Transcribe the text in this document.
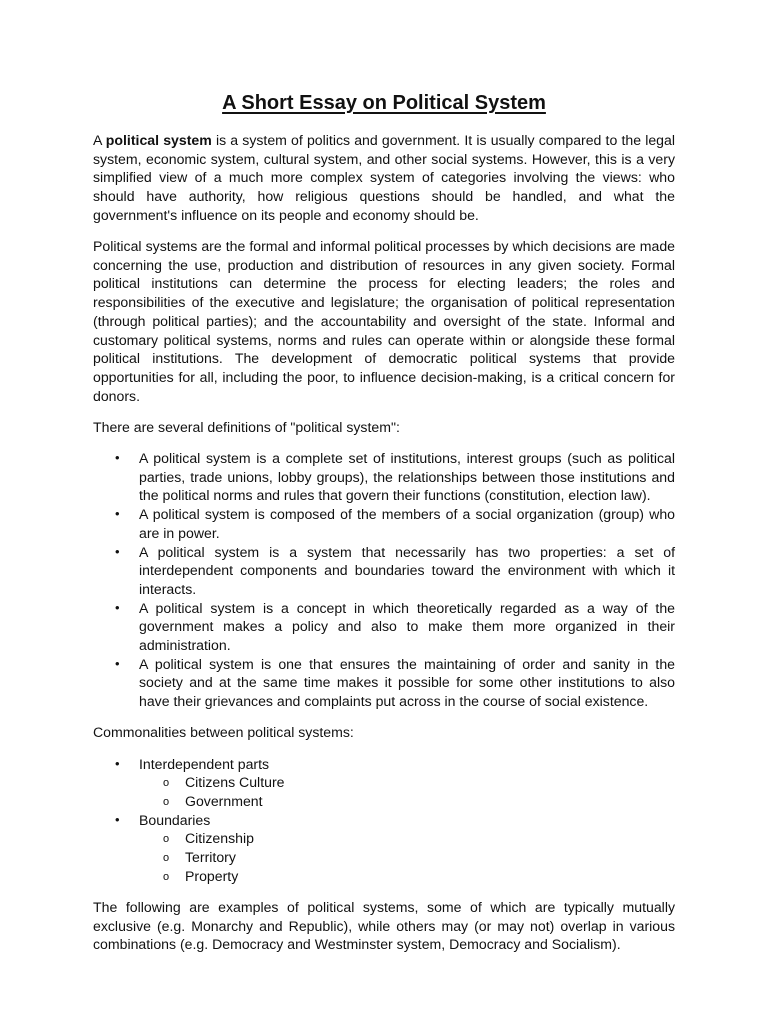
A Short Essay on Political System

A political system is a system of politics and government. It is usually compared to the legal system, economic system, cultural system, and other social systems. However, this is a very simplified view of a much more complex system of categories involving the views: who should have authority, how religious questions should be handled, and what the government's influence on its people and economy should be.

Political systems are the formal and informal political processes by which decisions are made concerning the use, production and distribution of resources in any given society. Formal political institutions can determine the process for electing leaders; the roles and responsibilities of the executive and legislature; the organisation of political representation (through political parties); and the accountability and oversight of the state. Informal and customary political systems, norms and rules can operate within or alongside these formal political institutions. The development of democratic political systems that provide opportunities for all, including the poor, to influence decision-making, is a critical concern for donors.

There are several definitions of "political system":

• A political system is a complete set of institutions, interest groups (such as political parties, trade unions, lobby groups), the relationships between those institutions and the political norms and rules that govern their functions (constitution, election law).
• A political system is composed of the members of a social organization (group) who are in power.
• A political system is a system that necessarily has two properties: a set of interdependent components and boundaries toward the environment with which it interacts.
• A political system is a concept in which theoretically regarded as a way of the government makes a policy and also to make them more organized in their administration.
• A political system is one that ensures the maintaining of order and sanity in the society and at the same time makes it possible for some other institutions to also have their grievances and complaints put across in the course of social existence.

Commonalities between political systems:

• Interdependent parts
o Citizens Culture
o Government
• Boundaries
o Citizenship
o Territory
o Property

The following are examples of political systems, some of which are typically mutually exclusive (e.g. Monarchy and Republic), while others may (or may not) overlap in various combinations (e.g. Democracy and Westminster system, Democracy and Socialism).
